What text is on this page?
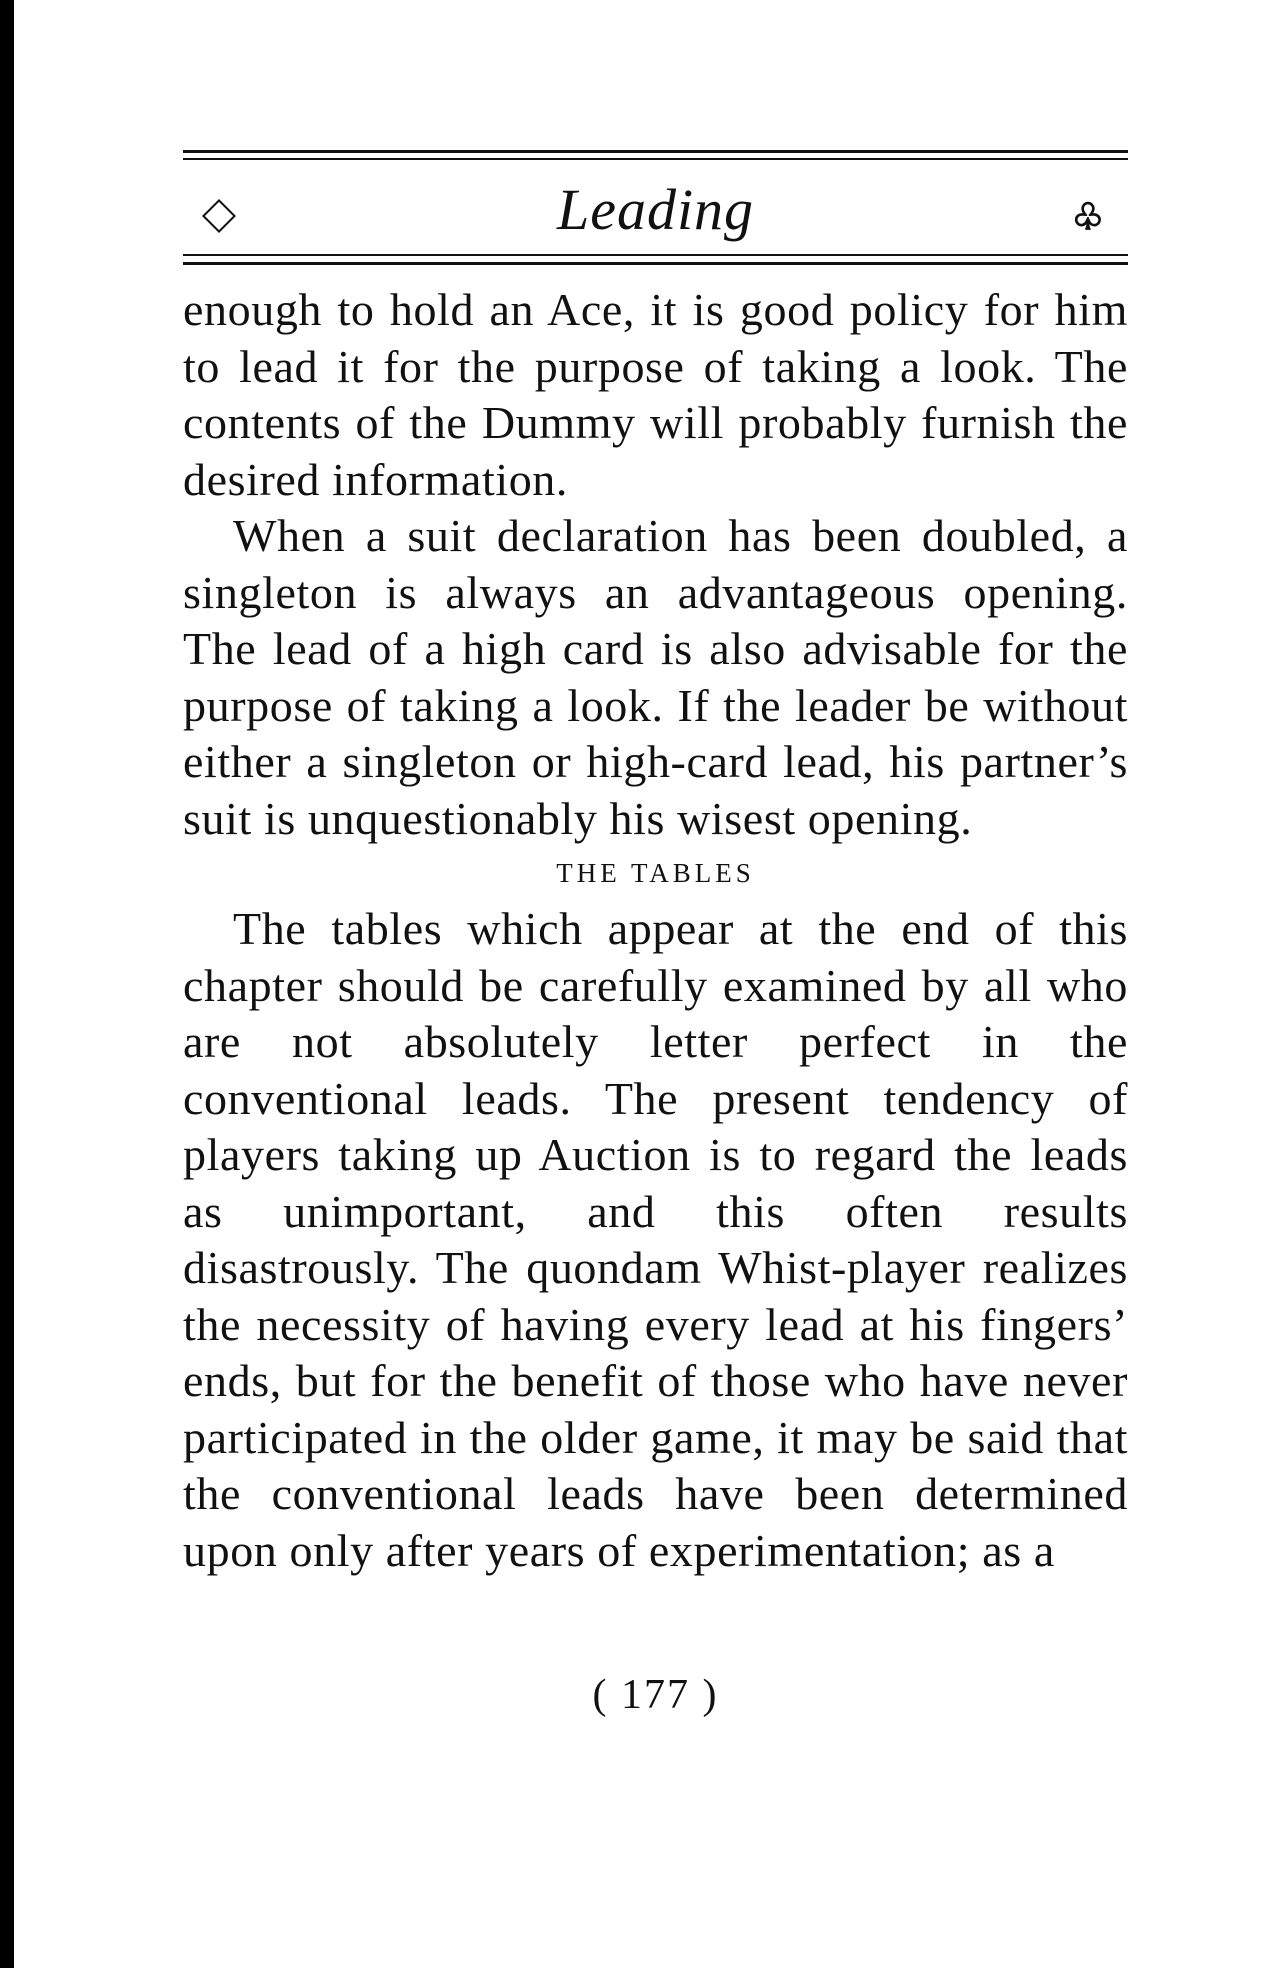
Leading	♧

enough to hold an Ace, it is good policy for him to lead it for the purpose of taking a look. The contents of the Dummy will probably furnish the desired information.

When a suit declaration has been doubled, a singleton is always an advantageous opening. The lead of a high card is also advisable for the purpose of taking a look. If the leader be without either a singleton or high-card lead, his partner’s suit is unquestionably his wisest opening.

THE TABLES

The tables which appear at the end of this chapter should be carefully examined by all who are not absolutely letter perfect in the conventional leads. The present tendency of players taking up Auction is to regard the leads as unimportant, and this often results disastrously. The quondam Whist-player realizes the necessity of having every lead at his fingers’ ends, but for the benefit of those who have never participated in the older game, it may be said that the conventional leads have been determined upon only after years of experimentation; as a

( 177 )
